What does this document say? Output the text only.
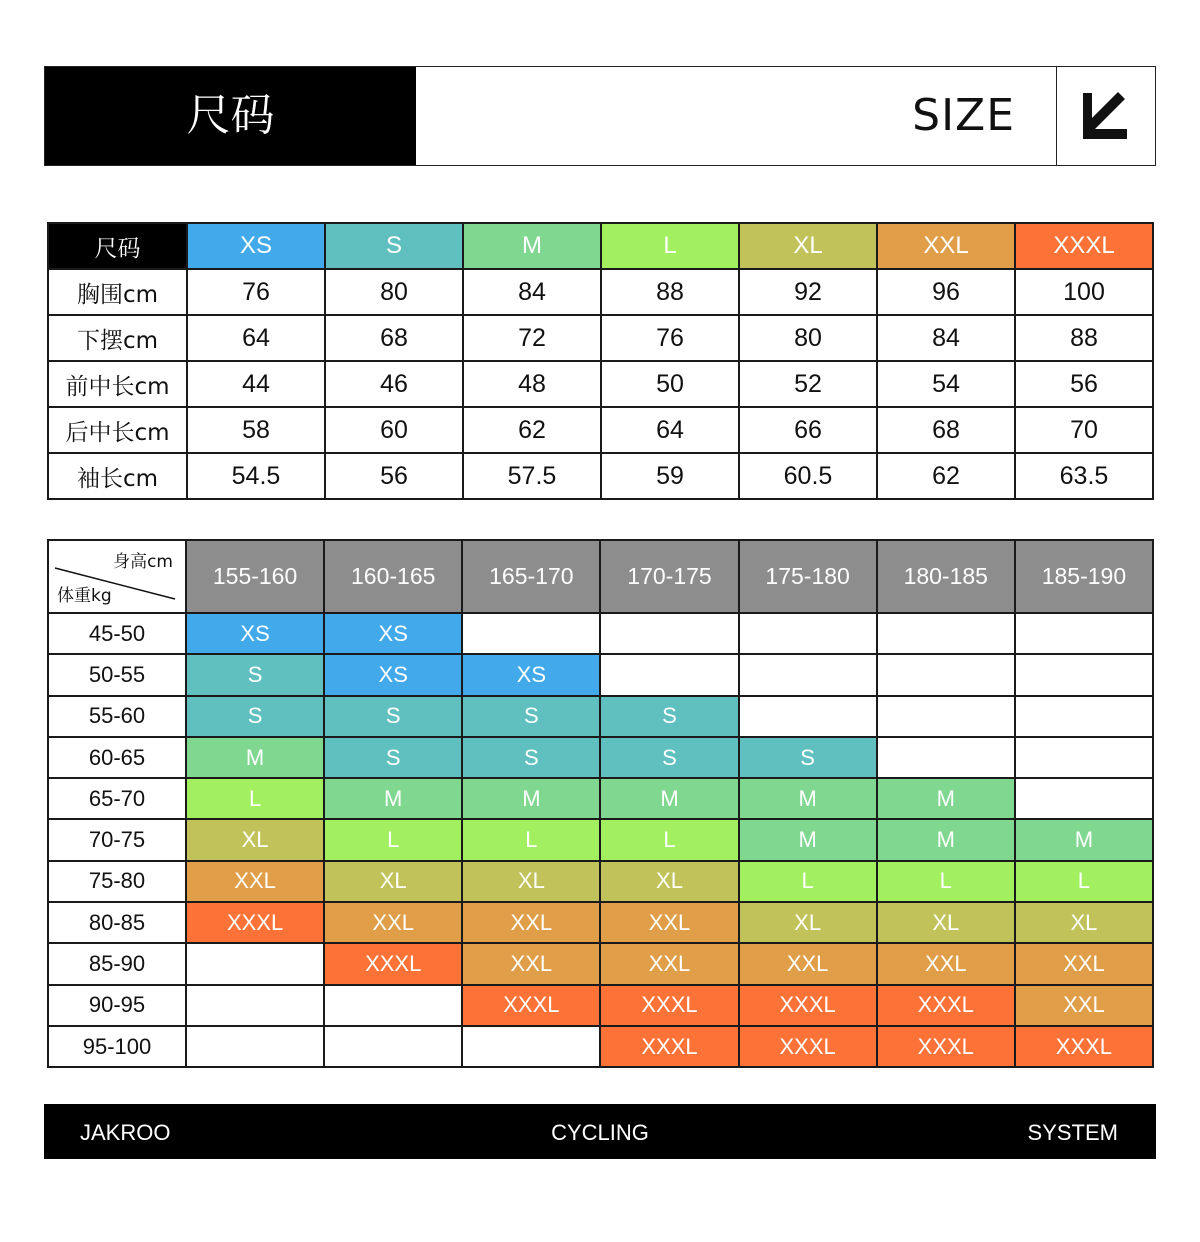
尺码	SIZE
尺码	XS	S	M	L	XL	XXL	XXXL
胸围cm	76	80	84	88	92	96	100
下摆cm	64	68	72	76	80	84	88
前中长cm	44	46	48	50	52	54	56
后中长cm	58	60	62	64	66	68	70
袖长cm	54.5	56	57.5	59	60.5	62	63.5
身高cm
体重kg	155-160	160-165	165-170	170-175	175-180	180-185	185-190
45-50	XS	XS					
50-55	S	XS	XS				
55-60	S	S	S	S			
60-65	M	S	S	S	S		
65-70	L	M	M	M	M	M	
70-75	XL	L	L	L	M	M	M
75-80	XXL	XL	XL	XL	L	L	L
80-85	XXXL	XXL	XXL	XXL	XL	XL	XL
85-90		XXXL	XXL	XXL	XXL	XXL	XXL
90-95			XXXL	XXXL	XXXL	XXXL	XXL
95-100				XXXL	XXXL	XXXL	XXXL
JAKROO	CYCLING	SYSTEM
